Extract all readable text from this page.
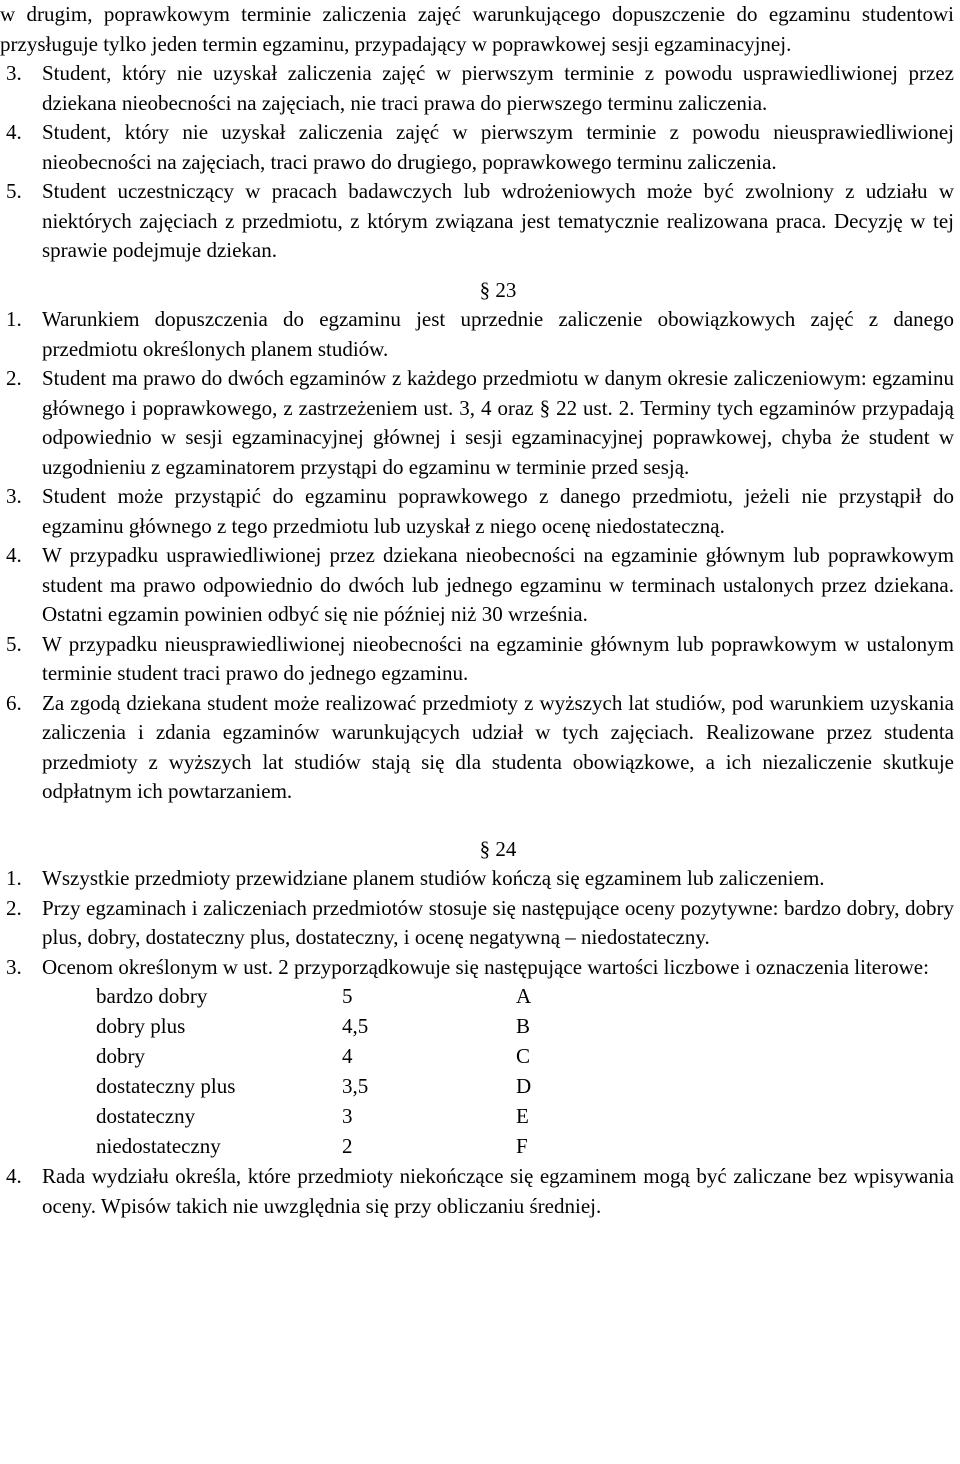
w drugim, poprawkowym terminie zaliczenia zajęć warunkującego dopuszczenie do egzaminu studentowi przysługuje tylko jeden termin egzaminu, przypadający w poprawkowej sesji egzaminacyjnej.

3. Student, który nie uzyskał zaliczenia zajęć w pierwszym terminie z powodu usprawiedliwionej przez dziekana nieobecności na zajęciach, nie traci prawa do pierwszego terminu zaliczenia.

4. Student, który nie uzyskał zaliczenia zajęć w pierwszym terminie z powodu nieusprawiedliwionej nieobecności na zajęciach, traci prawo do drugiego, poprawkowego terminu zaliczenia.

5. Student uczestniczący w pracach badawczych lub wdrożeniowych może być zwolniony z udziału w niektórych zajęciach z przedmiotu, z którym związana jest tematycznie realizowana praca. Decyzję w tej sprawie podejmuje dziekan.

§ 23

1. Warunkiem dopuszczenia do egzaminu jest uprzednie zaliczenie obowiązkowych zajęć z danego przedmiotu określonych planem studiów.

2. Student ma prawo do dwóch egzaminów z każdego przedmiotu w danym okresie zaliczeniowym: egzaminu głównego i poprawkowego, z zastrzeżeniem ust. 3, 4 oraz § 22 ust. 2. Terminy tych egzaminów przypadają odpowiednio w sesji egzaminacyjnej głównej i sesji egzaminacyjnej poprawkowej, chyba że student w uzgodnieniu z egzaminatorem przystąpi do egzaminu w terminie przed sesją.

3. Student może przystąpić do egzaminu poprawkowego z danego przedmiotu, jeżeli nie przystąpił do egzaminu głównego z tego przedmiotu lub uzyskał z niego ocenę niedostateczną.

4. W przypadku usprawiedliwionej przez dziekana nieobecności na egzaminie głównym lub poprawkowym student ma prawo odpowiednio do dwóch lub jednego egzaminu w terminach ustalonych przez dziekana. Ostatni egzamin powinien odbyć się nie później niż 30 września.

5. W przypadku nieusprawiedliwionej nieobecności na egzaminie głównym lub poprawkowym w ustalonym terminie student traci prawo do jednego egzaminu.

6. Za zgodą dziekana student może realizować przedmioty z wyższych lat studiów, pod warunkiem uzyskania zaliczenia i zdania egzaminów warunkujących udział w tych zajęciach. Realizowane przez studenta przedmioty z wyższych lat studiów stają się dla studenta obowiązkowe, a ich niezaliczenie skutkuje odpłatnym ich powtarzaniem.

§ 24

1. Wszystkie przedmioty przewidziane planem studiów kończą się egzaminem lub zaliczeniem.

2. Przy egzaminach i zaliczeniach przedmiotów stosuje się następujące oceny pozytywne: bardzo dobry, dobry plus, dobry, dostateczny plus, dostateczny, i ocenę negatywną – niedostateczny.

3. Ocenom określonym w ust. 2 przyporządkowuje się następujące wartości liczbowe i oznaczenia literowe:

bardzo dobry	5	A
dobry plus	4,5	B
dobry	4	C
dostateczny plus	3,5	D
dostateczny	3	E
niedostateczny	2	F

4. Rada wydziału określa, które przedmioty niekończące się egzaminem mogą być zaliczane bez wpisywania oceny. Wpisów takich nie uwzględnia się przy obliczaniu średniej.
